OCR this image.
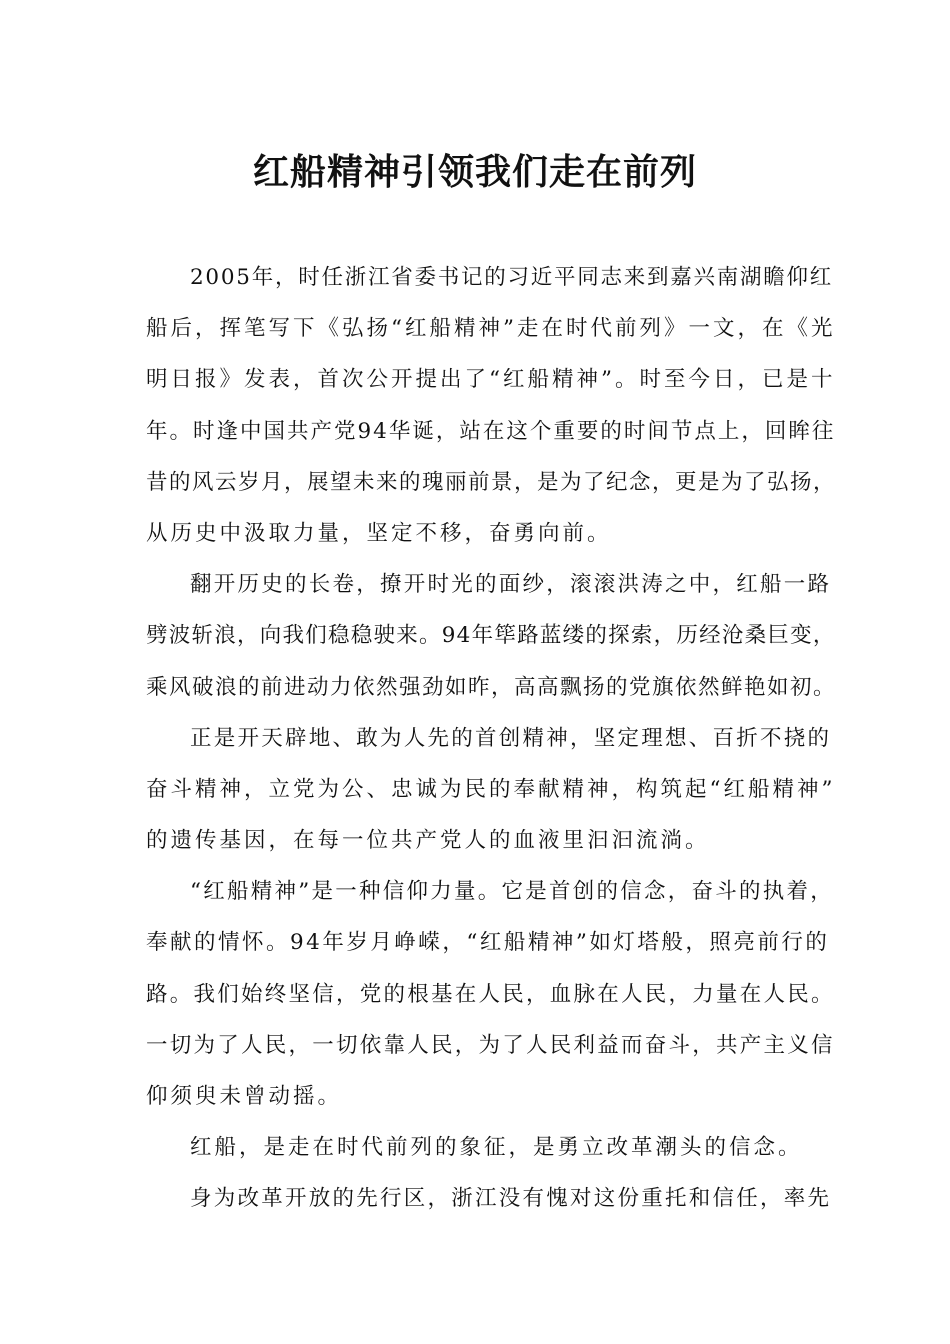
红船精神引领我们走在前列
2005年，时任浙江省委书记的习近平同志来到嘉兴南湖瞻仰红
船后，挥笔写下《弘扬“红船精神”走在时代前列》一文，在《光
明日报》发表，首次公开提出了“红船精神”。时至今日，已是十
年。时逢中国共产党94华诞，站在这个重要的时间节点上，回眸往
昔的风云岁月，展望未来的瑰丽前景，是为了纪念，更是为了弘扬，
从历史中汲取力量，坚定不移，奋勇向前。
翻开历史的长卷，撩开时光的面纱，滚滚洪涛之中，红船一路
劈波斩浪，向我们稳稳驶来。94年筚路蓝缕的探索，历经沧桑巨变，
乘风破浪的前进动力依然强劲如昨，高高飘扬的党旗依然鲜艳如初。
正是开天辟地、敢为人先的首创精神，坚定理想、百折不挠的
奋斗精神，立党为公、忠诚为民的奉献精神，构筑起“红船精神”
的遗传基因，在每一位共产党人的血液里汩汩流淌。
“红船精神”是一种信仰力量。它是首创的信念，奋斗的执着，
奉献的情怀。94年岁月峥嵘，“红船精神”如灯塔般，照亮前行的
路。我们始终坚信，党的根基在人民，血脉在人民，力量在人民。
一切为了人民，一切依靠人民，为了人民利益而奋斗，共产主义信
仰须臾未曾动摇。
红船，是走在时代前列的象征，是勇立改革潮头的信念。
身为改革开放的先行区，浙江没有愧对这份重托和信任，率先
